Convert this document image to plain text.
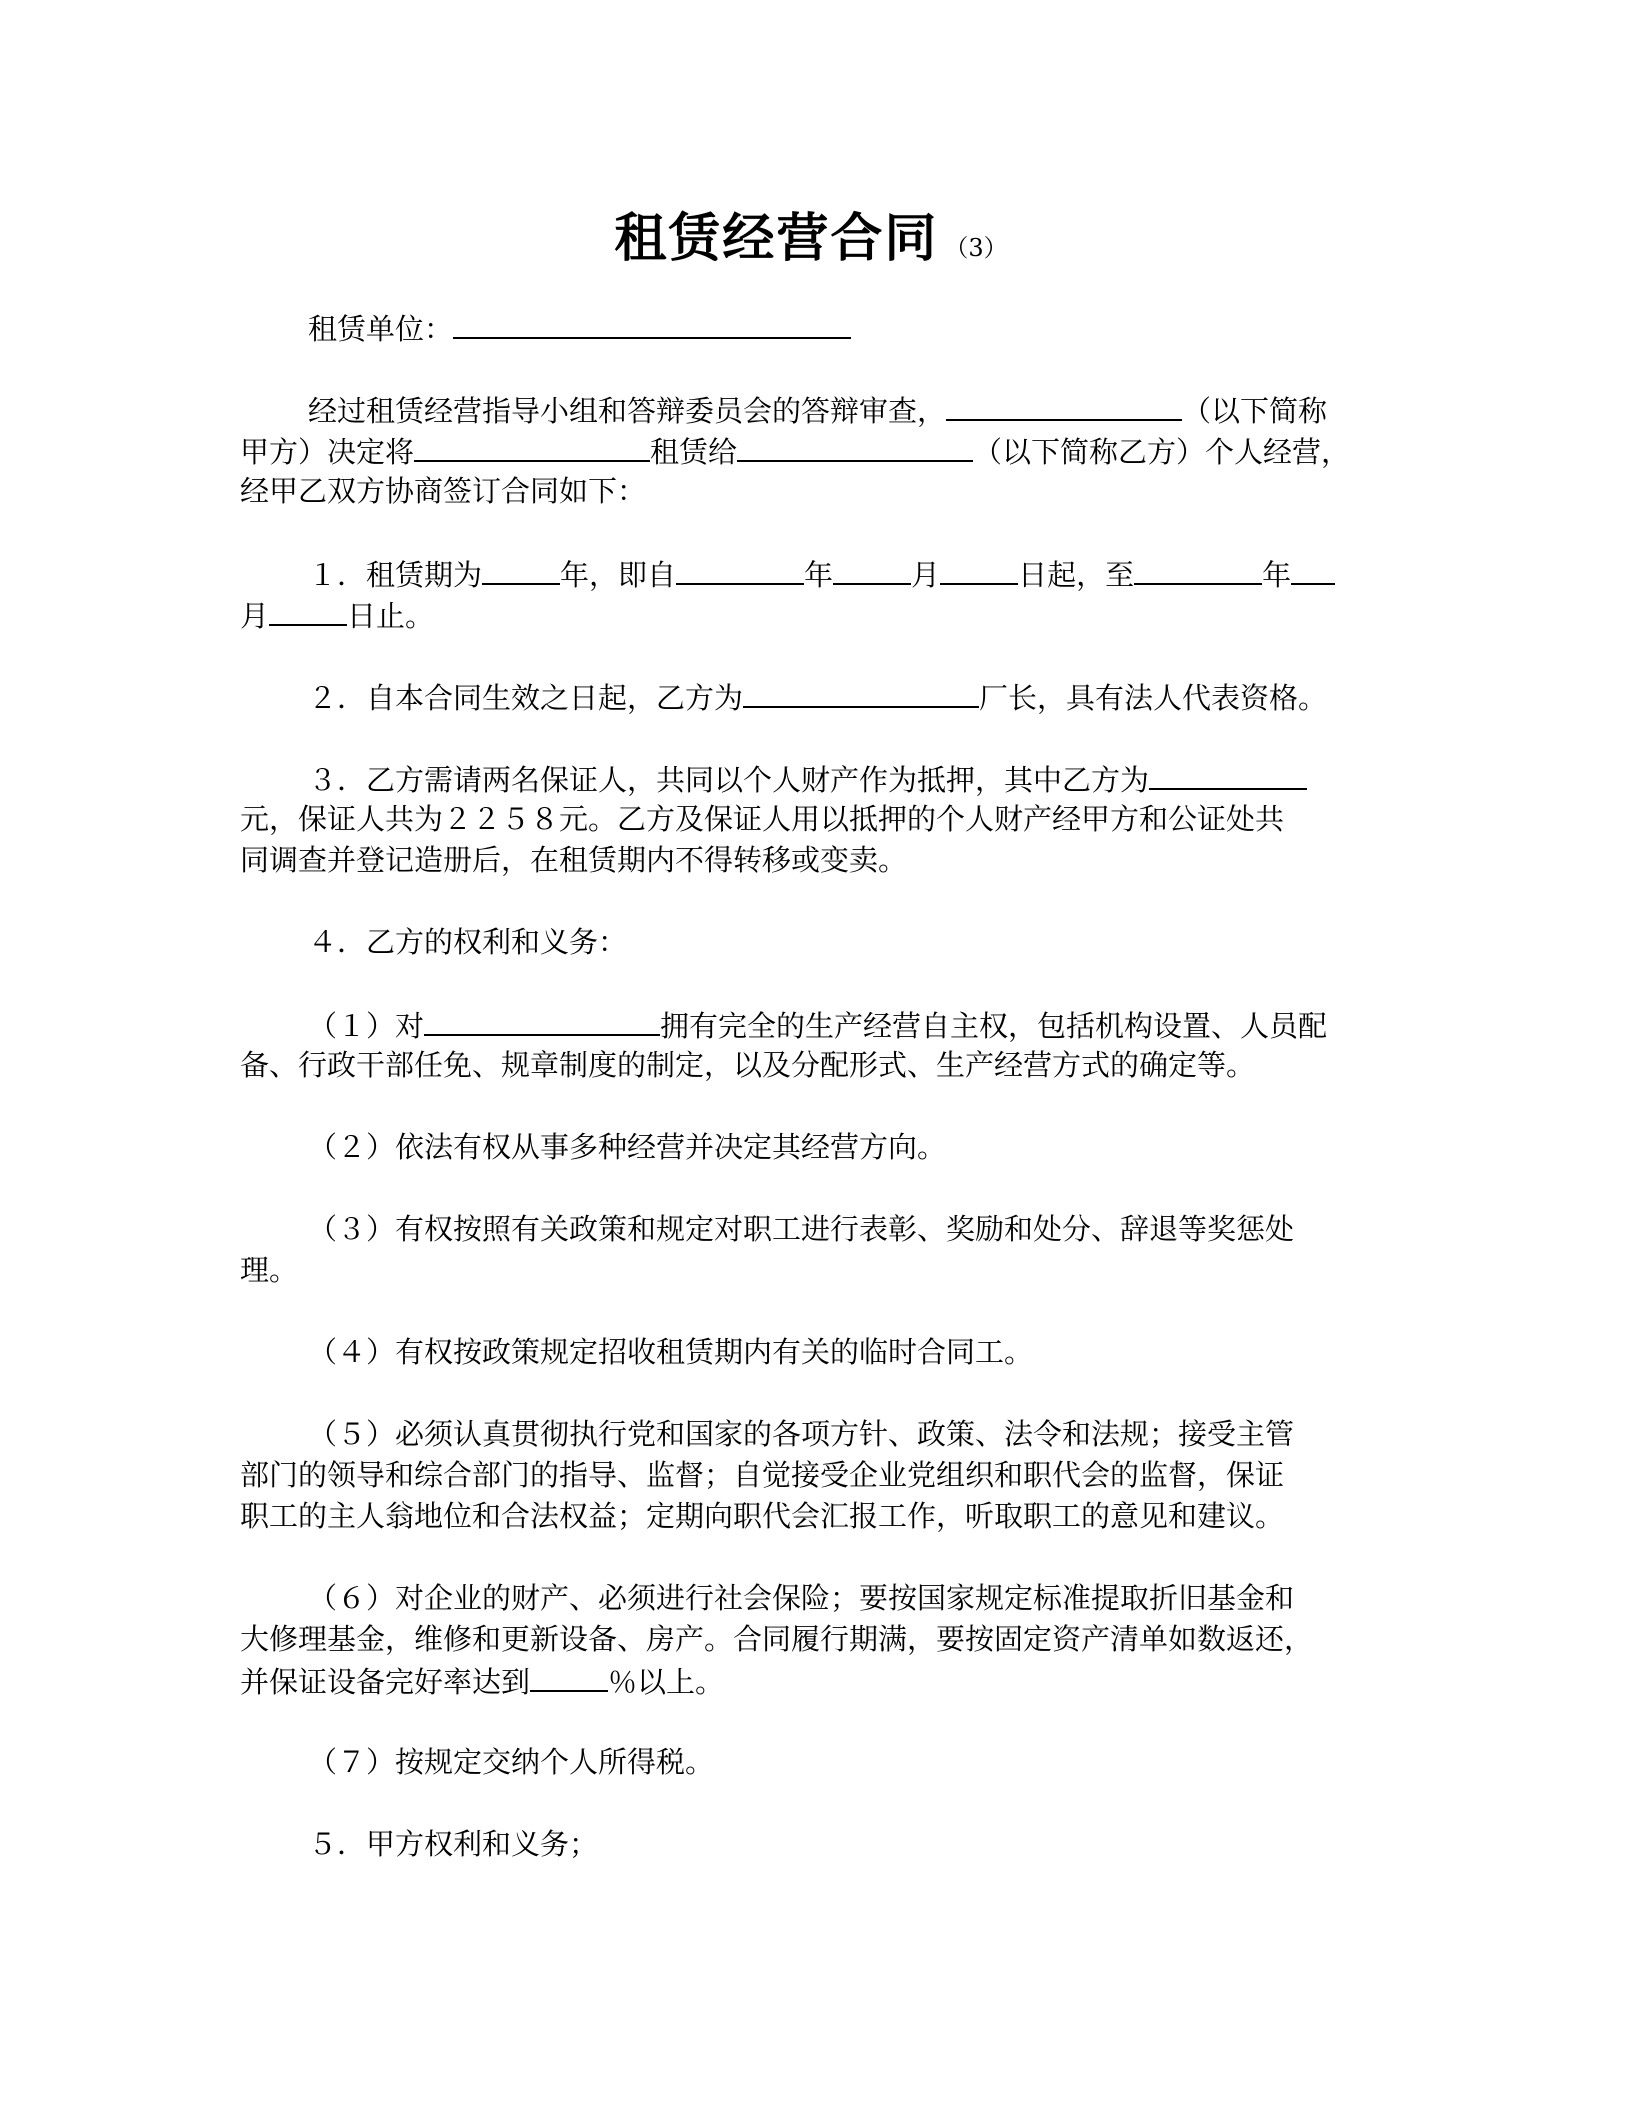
租赁经营合同 （3）
租赁单位：
经过租赁经营指导小组和答辩委员会的答辩审查，	（以下简称
甲方）决定将	租赁给	（以下简称乙方）个人经营，
经甲乙双方协商签订合同如下：
１．租赁期为	年，即自	年	月	日起，至	年
月	日止。
２．自本合同生效之日起，乙方为	厂长，具有法人代表资格。
３．乙方需请两名保证人，共同以个人财产作为抵押，其中乙方为
元，保证人共为２２５８元。乙方及保证人用以抵押的个人财产经甲方和公证处共
同调查并登记造册后，在租赁期内不得转移或变卖。
４．乙方的权利和义务：
（１）对	拥有完全的生产经营自主权，包括机构设置、人员配
备、行政干部任免、规章制度的制定，以及分配形式、生产经营方式的确定等。
（２）依法有权从事多种经营并决定其经营方向。
（３）有权按照有关政策和规定对职工进行表彰、奖励和处分、辞退等奖惩处
理。
（４）有权按政策规定招收租赁期内有关的临时合同工。
（５）必须认真贯彻执行党和国家的各项方针、政策、法令和法规；接受主管
部门的领导和综合部门的指导、监督；自觉接受企业党组织和职代会的监督，保证
职工的主人翁地位和合法权益；定期向职代会汇报工作，听取职工的意见和建议。
（６）对企业的财产、必须进行社会保险；要按国家规定标准提取折旧基金和
大修理基金，维修和更新设备、房产。合同履行期满，要按固定资产清单如数返还，
并保证设备完好率达到	％以上。
（７）按规定交纳个人所得税。
５．甲方权利和义务；
